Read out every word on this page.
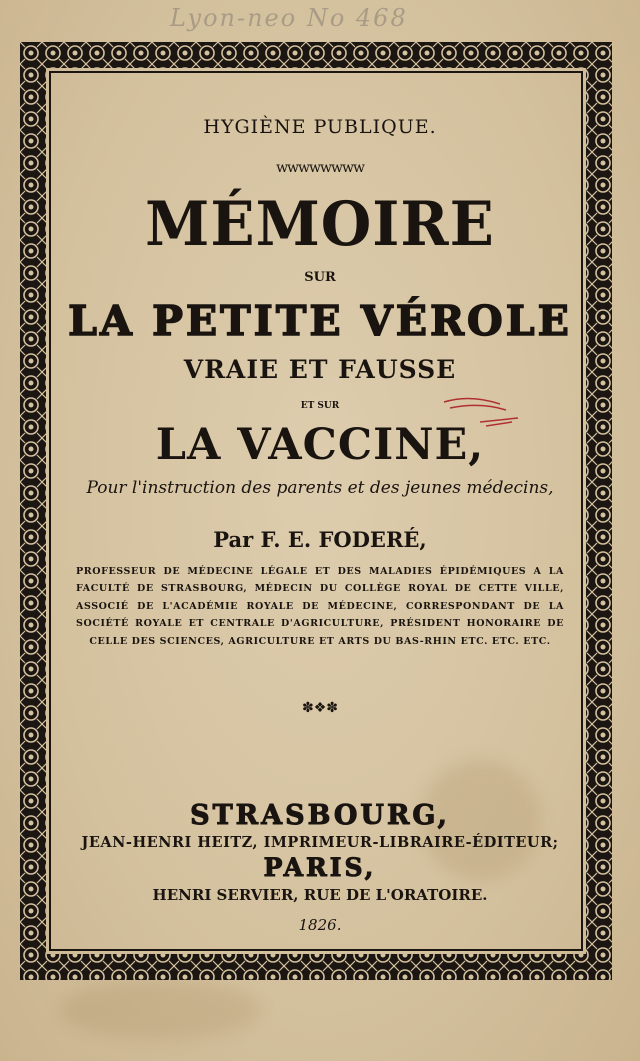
Lyon-neo No 468
HYGIÈNE PUBLIQUE.
wwwwwwww
MÉMOIRE
SUR
LA PETITE VÉROLE
VRAIE ET FAUSSE
ET SUR
LA VACCINE,
Pour l'instruction des parents et des jeunes médecins,
Par F. E. FODERÉ,
PROFESSEUR DE MÉDECINE LÉGALE ET DES MALADIES ÉPIDÉMIQUES A LA FACULTÉ DE STRASBOURG, MÉDECIN DU COLLÈGE ROYAL DE CETTE VILLE, ASSOCIÉ DE L'ACADÉMIE ROYALE DE MÉDECINE, CORRESPONDANT DE LA SOCIÉTÉ ROYALE ET CENTRALE D'AGRICULTURE, PRÉSIDENT HONORAIRE DE CELLE DES SCIENCES, AGRICULTURE ET ARTS DU BAS-RHIN ETC. ETC. ETC.
✽❖✽
STRASBOURG,
JEAN-HENRI HEITZ, IMPRIMEUR-LIBRAIRE-ÉDITEUR;
PARIS,
HENRI SERVIER, RUE DE L'ORATOIRE.
1826.
